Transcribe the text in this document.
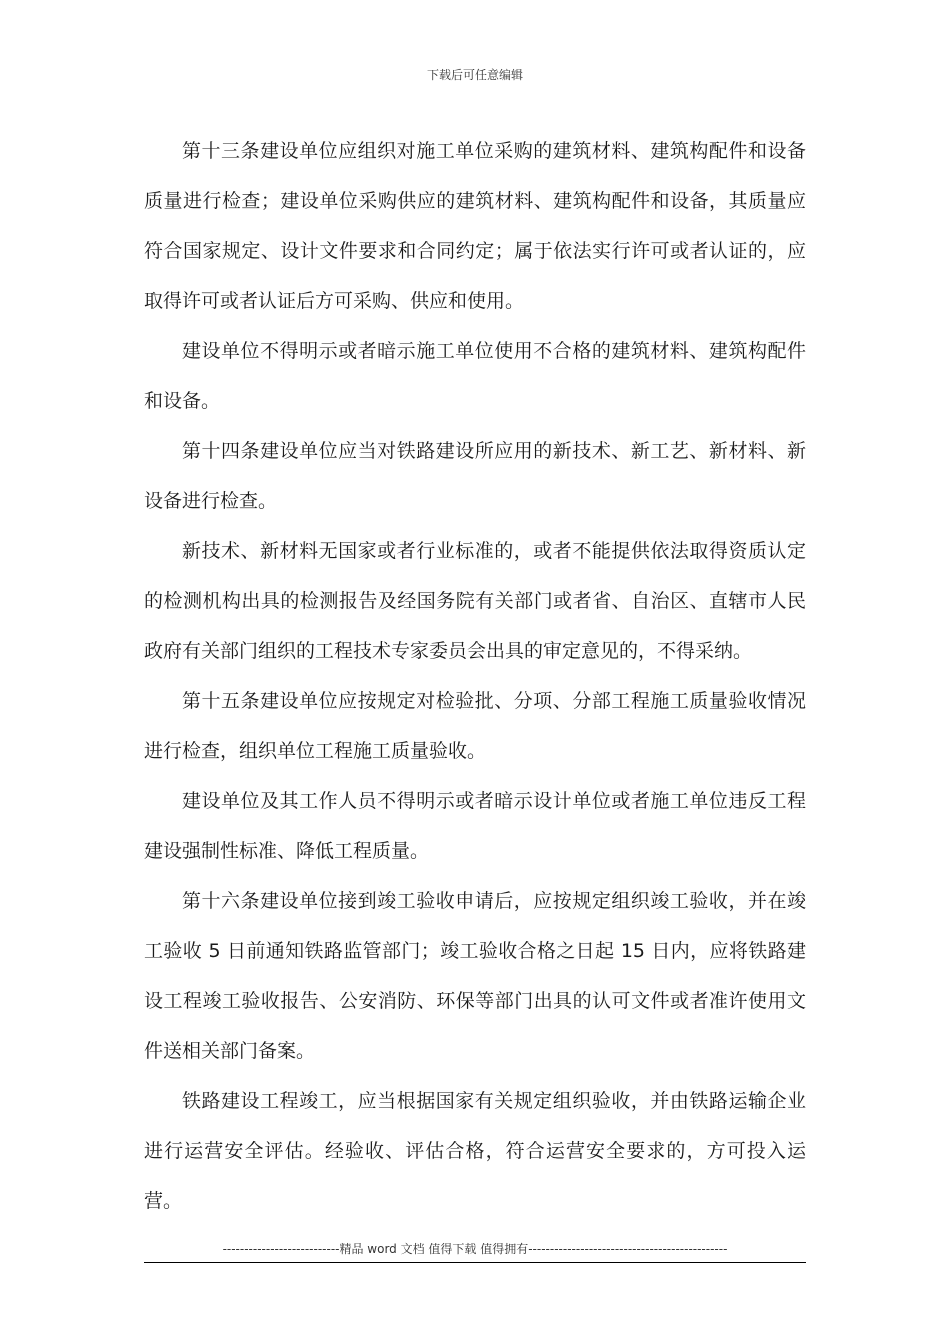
下载后可任意编辑

第十三条建设单位应组织对施工单位采购的建筑材料、建筑构配件和设备质量进行检查；建设单位采购供应的建筑材料、建筑构配件和设备，其质量应符合国家规定、设计文件要求和合同约定；属于依法实行许可或者认证的，应取得许可或者认证后方可采购、供应和使用。

建设单位不得明示或者暗示施工单位使用不合格的建筑材料、建筑构配件和设备。

第十四条建设单位应当对铁路建设所应用的新技术、新工艺、新材料、新设备进行检查。

新技术、新材料无国家或者行业标准的，或者不能提供依法取得资质认定的检测机构出具的检测报告及经国务院有关部门或者省、自治区、直辖市人民政府有关部门组织的工程技术专家委员会出具的审定意见的，不得采纳。

第十五条建设单位应按规定对检验批、分项、分部工程施工质量验收情况进行检查，组织单位工程施工质量验收。

建设单位及其工作人员不得明示或者暗示设计单位或者施工单位违反工程建设强制性标准、降低工程质量。

第十六条建设单位接到竣工验收申请后，应按规定组织竣工验收，并在竣工验收 5 日前通知铁路监管部门；竣工验收合格之日起 15 日内，应将铁路建设工程竣工验收报告、公安消防、环保等部门出具的认可文件或者准许使用文件送相关部门备案。

铁路建设工程竣工，应当根据国家有关规定组织验收，并由铁路运输企业进行运营安全评估。经验收、评估合格，符合运营安全要求的，方可投入运营。

---------------------------精品 word 文档 值得下载 值得拥有----------------------------------------------
